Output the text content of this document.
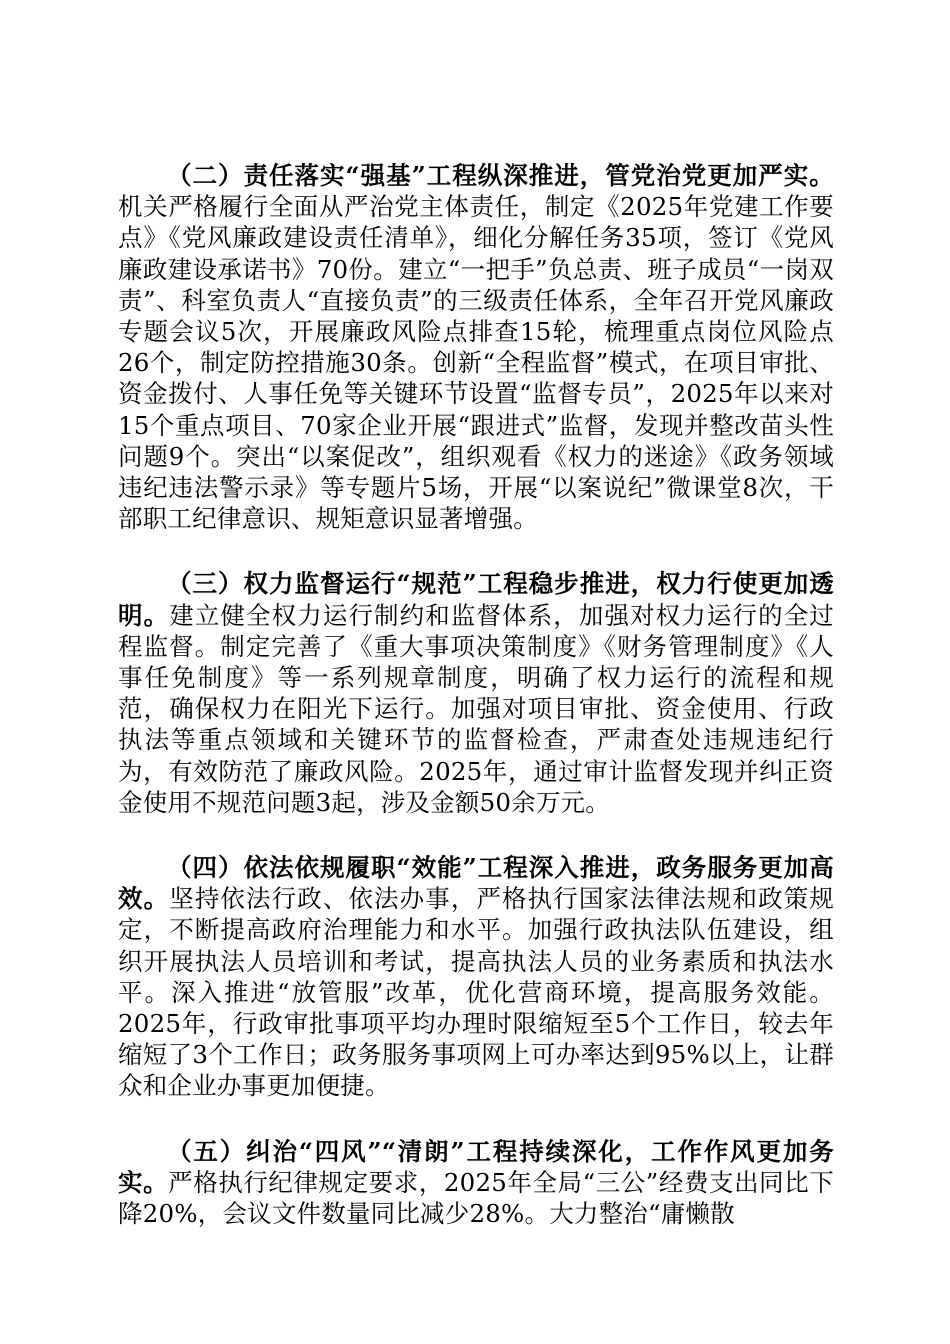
（二）责任落实“强基”工程纵深推进，管党治党更加严实。机关严格履行全面从严治党主体责任，制定《2025年党建工作要点》《党风廉政建设责任清单》，细化分解任务35项，签订《党风廉政建设承诺书》70份。建立“一把手”负总责、班子成员“一岗双责”、科室负责人“直接负责”的三级责任体系，全年召开党风廉政专题会议5次，开展廉政风险点排查15轮，梳理重点岗位风险点26个，制定防控措施30条。创新“全程监督”模式，在项目审批、资金拨付、人事任免等关键环节设置“监督专员”，2025年以来对15个重点项目、70家企业开展“跟进式”监督，发现并整改苗头性问题9个。突出“以案促改”，组织观看《权力的迷途》《政务领域违纪违法警示录》等专题片5场，开展“以案说纪”微课堂8次，干部职工纪律意识、规矩意识显著增强。

（三）权力监督运行“规范”工程稳步推进，权力行使更加透明。建立健全权力运行制约和监督体系，加强对权力运行的全过程监督。制定完善了《重大事项决策制度》《财务管理制度》《人事任免制度》等一系列规章制度，明确了权力运行的流程和规范，确保权力在阳光下运行。加强对项目审批、资金使用、行政执法等重点领域和关键环节的监督检查，严肃查处违规违纪行为，有效防范了廉政风险。2025年，通过审计监督发现并纠正资金使用不规范问题3起，涉及金额50余万元。

（四）依法依规履职“效能”工程深入推进，政务服务更加高效。坚持依法行政、依法办事，严格执行国家法律法规和政策规定，不断提高政府治理能力和水平。加强行政执法队伍建设，组织开展执法人员培训和考试，提高执法人员的业务素质和执法水平。深入推进“放管服”改革，优化营商环境，提高服务效能。2025年，行政审批事项平均办理时限缩短至5个工作日，较去年缩短了3个工作日；政务服务事项网上可办率达到95%以上，让群众和企业办事更加便捷。

（五）纠治“四风”“清朗”工程持续深化，工作作风更加务实。严格执行纪律规定要求，2025年全局“三公”经费支出同比下降20%，会议文件数量同比减少28%。大力整治“庸懒散
